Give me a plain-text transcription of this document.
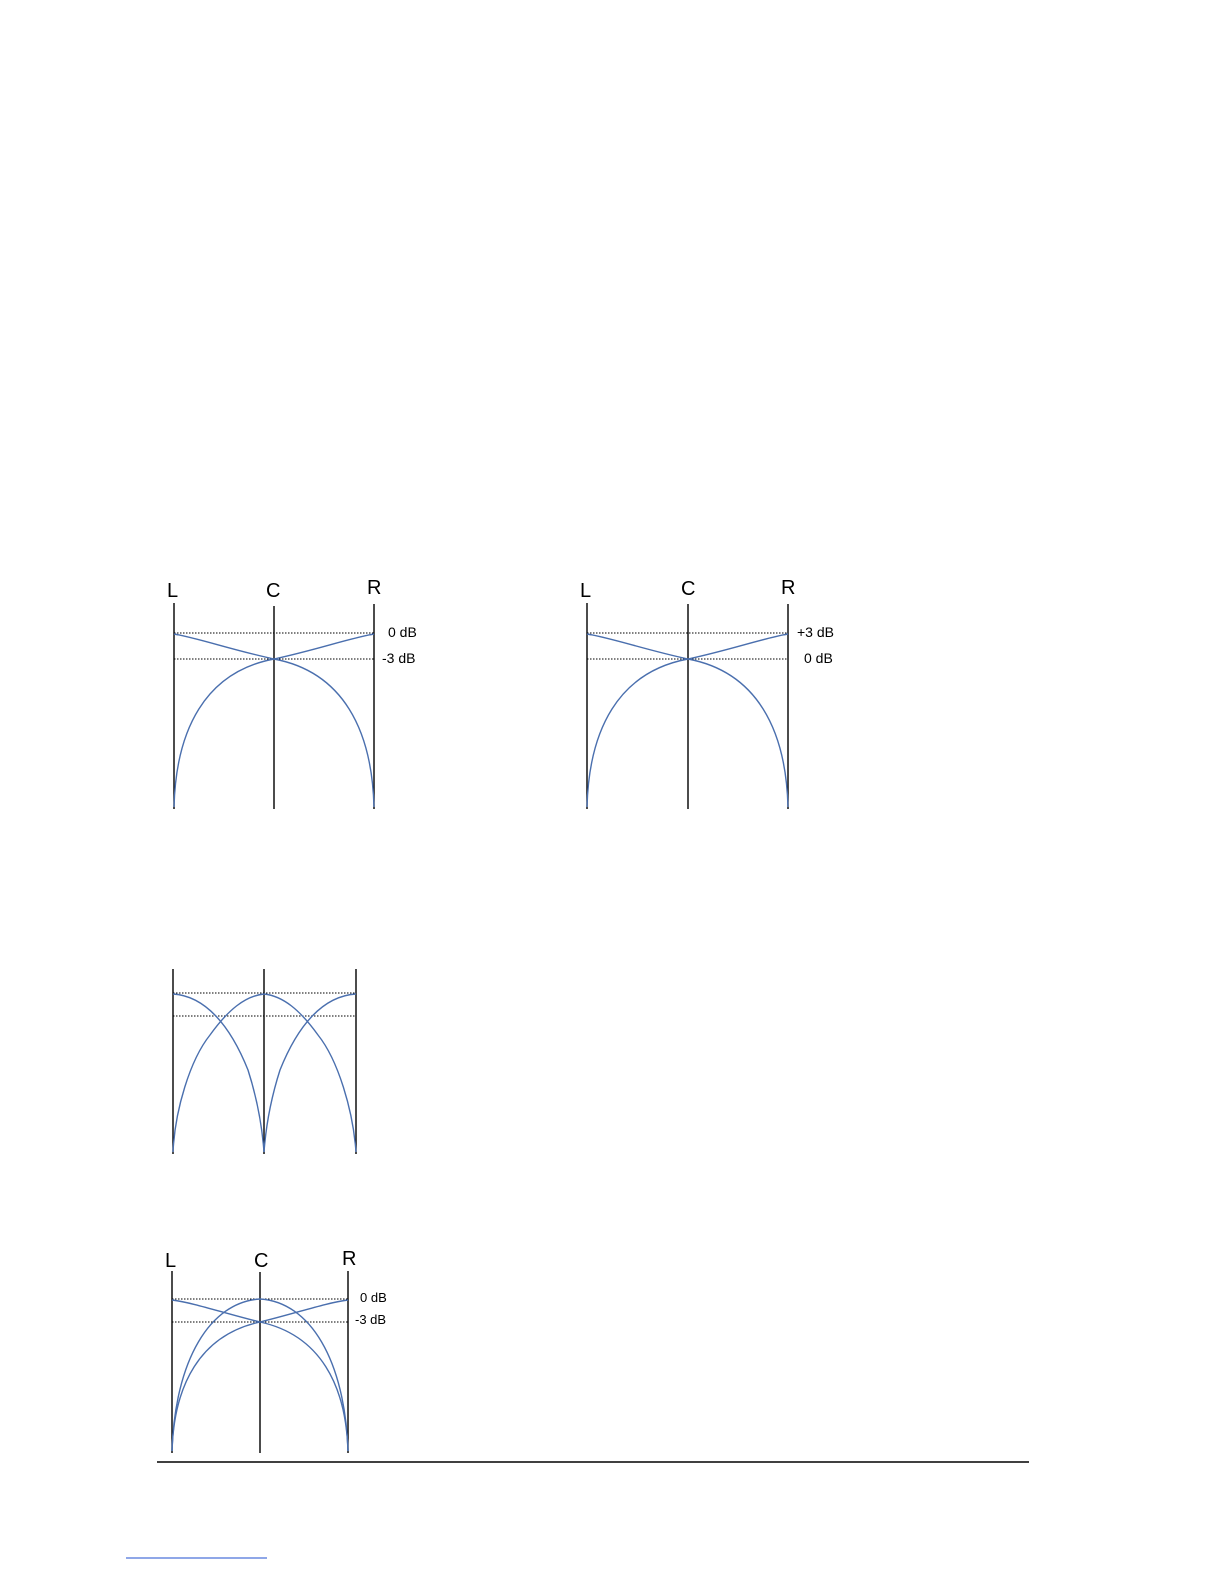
L	C	R
0 dB
-3 dB
L	C	R
+3 dB
0 dB
L	C	R
0 dB
-3 dB
